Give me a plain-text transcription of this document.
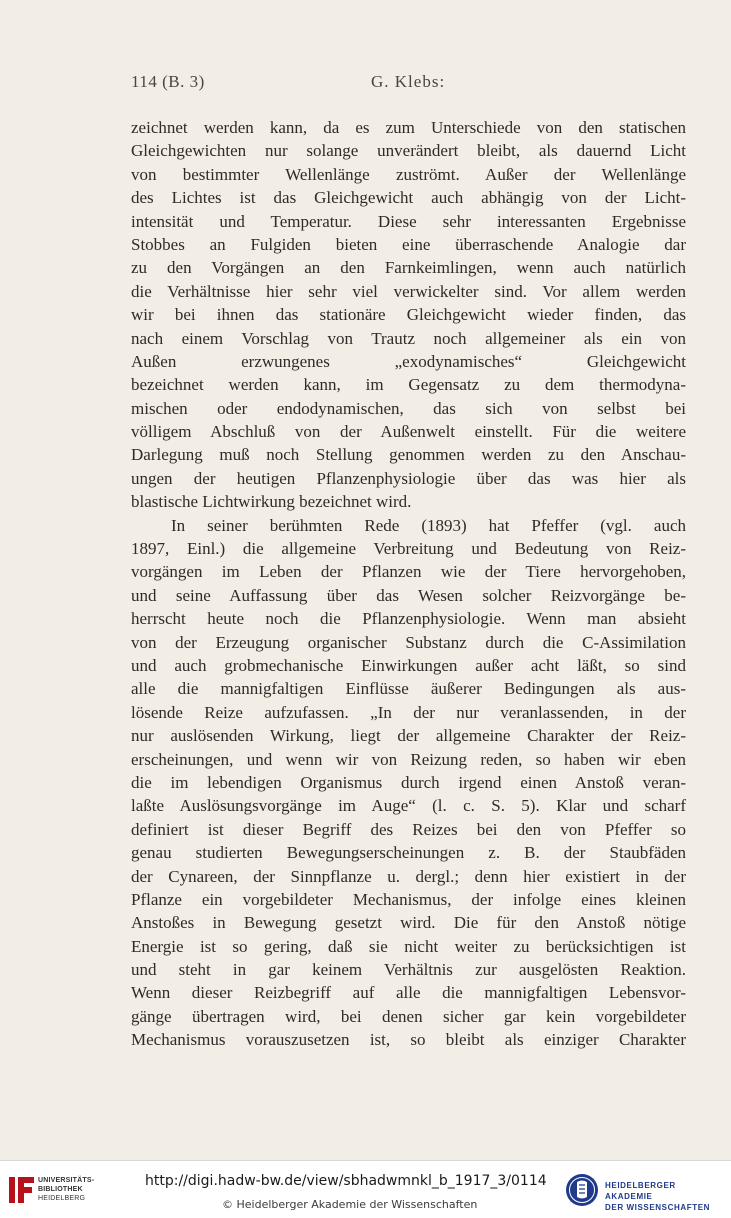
114 (B. 3)	G. Klebs:
zeichnet werden kann, da es zum Unterschiede von den statischen
Gleichgewichten nur solange unverändert bleibt, als dauernd Licht
von bestimmter Wellenlänge zuströmt. Außer der Wellenlänge
des Lichtes ist das Gleichgewicht auch abhängig von der Licht-
intensität und Temperatur. Diese sehr interessanten Ergebnisse
Stobbes an Fulgiden bieten eine überraschende Analogie dar
zu den Vorgängen an den Farnkeimlingen, wenn auch natürlich
die Verhältnisse hier sehr viel verwickelter sind. Vor allem werden
wir bei ihnen das stationäre Gleichgewicht wieder finden, das
nach einem Vorschlag von Trautz noch allgemeiner als ein von
Außen erzwungenes „exodynamisches“ Gleichgewicht
bezeichnet werden kann, im Gegensatz zu dem thermodyna-
mischen oder endodynamischen, das sich von selbst bei
völligem Abschluß von der Außenwelt einstellt. Für die weitere
Darlegung muß noch Stellung genommen werden zu den Anschau-
ungen der heutigen Pflanzenphysiologie über das was hier als
blastische Lichtwirkung bezeichnet wird.
In seiner berühmten Rede (1893) hat Pfeffer (vgl. auch
1897, Einl.) die allgemeine Verbreitung und Bedeutung von Reiz-
vorgängen im Leben der Pflanzen wie der Tiere hervorgehoben,
und seine Auffassung über das Wesen solcher Reizvorgänge be-
herrscht heute noch die Pflanzenphysiologie. Wenn man absieht
von der Erzeugung organischer Substanz durch die C-Assimilation
und auch grobmechanische Einwirkungen außer acht läßt, so sind
alle die mannigfaltigen Einflüsse äußerer Bedingungen als aus-
lösende Reize aufzufassen. „In der nur veranlassenden, in der
nur auslösenden Wirkung, liegt der allgemeine Charakter der Reiz-
erscheinungen, und wenn wir von Reizung reden, so haben wir eben
die im lebendigen Organismus durch irgend einen Anstoß veran-
laßte Auslösungsvorgänge im Auge“ (l. c. S. 5). Klar und scharf
definiert ist dieser Begriff des Reizes bei den von Pfeffer so
genau studierten Bewegungserscheinungen z. B. der Staubfäden
der Cynareen, der Sinnpflanze u. dergl.; denn hier existiert in der
Pflanze ein vorgebildeter Mechanismus, der infolge eines kleinen
Anstoßes in Bewegung gesetzt wird. Die für den Anstoß nötige
Energie ist so gering, daß sie nicht weiter zu berücksichtigen ist
und steht in gar keinem Verhältnis zur ausgelösten Reaktion.
Wenn dieser Reizbegriff auf alle die mannigfaltigen Lebensvor-
gänge übertragen wird, bei denen sicher gar kein vorgebildeter
Mechanismus vorauszusetzen ist, so bleibt als einziger Charakter
UNIVERSITÄTS-
BIBLIOTHEK
HEIDELBERG
http://digi.hadw-bw.de/view/sbhadwmnkl_b_1917_3/0114
© Heidelberger Akademie der Wissenschaften
HEIDELBERGER AKADEMIE
DER WISSENSCHAFTEN
